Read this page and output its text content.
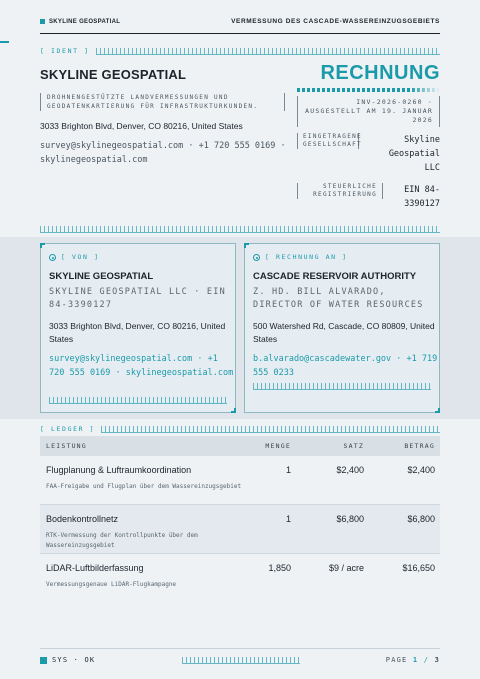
SKYLINE GEOSPATIAL	VERMESSUNG DES CASCADE-WASSEREINZUGSGEBIETS
[ IDENT ]
SKYLINE GEOSPATIAL
DROHNENGESTÜTZTE LANDVERMESSUNGEN UND GEODATENKARTIERUNG FÜR INFRASTRUKTURKUNDEN.
3033 Brighton Blvd, Denver, CO 80216, United States
survey@skylinegeospatial.com · +1 720 555 0169 · skylinegeospatial.com
RECHNUNG
INV-2026-0260 · AUSGESTELLT AM 19. JANUAR 2026
EINGETRAGENE GESELLSCHAFT	Skyline Geospatial LLC
STEUERLICHE REGISTRIERUNG	EIN 84-3390127
[ VON ]
SKYLINE GEOSPATIAL
SKYLINE GEOSPATIAL LLC · EIN 84-3390127
3033 Brighton Blvd, Denver, CO 80216, United States
survey@skylinegeospatial.com · +1 720 555 0169 · skylinegeospatial.com
[ RECHNUNG AN ]
CASCADE RESERVOIR AUTHORITY
Z. HD. BILL ALVARADO, DIRECTOR OF WATER RESOURCES
500 Watershed Rd, Cascade, CO 80809, United States
b.alvarado@cascadewater.gov · +1 719 555 0233
[ LEDGER ]
LEISTUNG	MENGE	SATZ	BETRAG
Flugplanung & Luftraumkoordination
FAA-Freigabe und Flugplan über dem Wassereinzugsgebiet
1	$2,400	$2,400
Bodenkontrollnetz
RTK-Vermessung der Kontrollpunkte über dem Wassereinzugsgebiet
1	$6,800	$6,800
LiDAR-Luftbilderfassung
Vermessungsgenaue LiDAR-Flugkampagne
1,850	$9 / acre	$16,650
SYS · OK	PAGE 1 / 3
